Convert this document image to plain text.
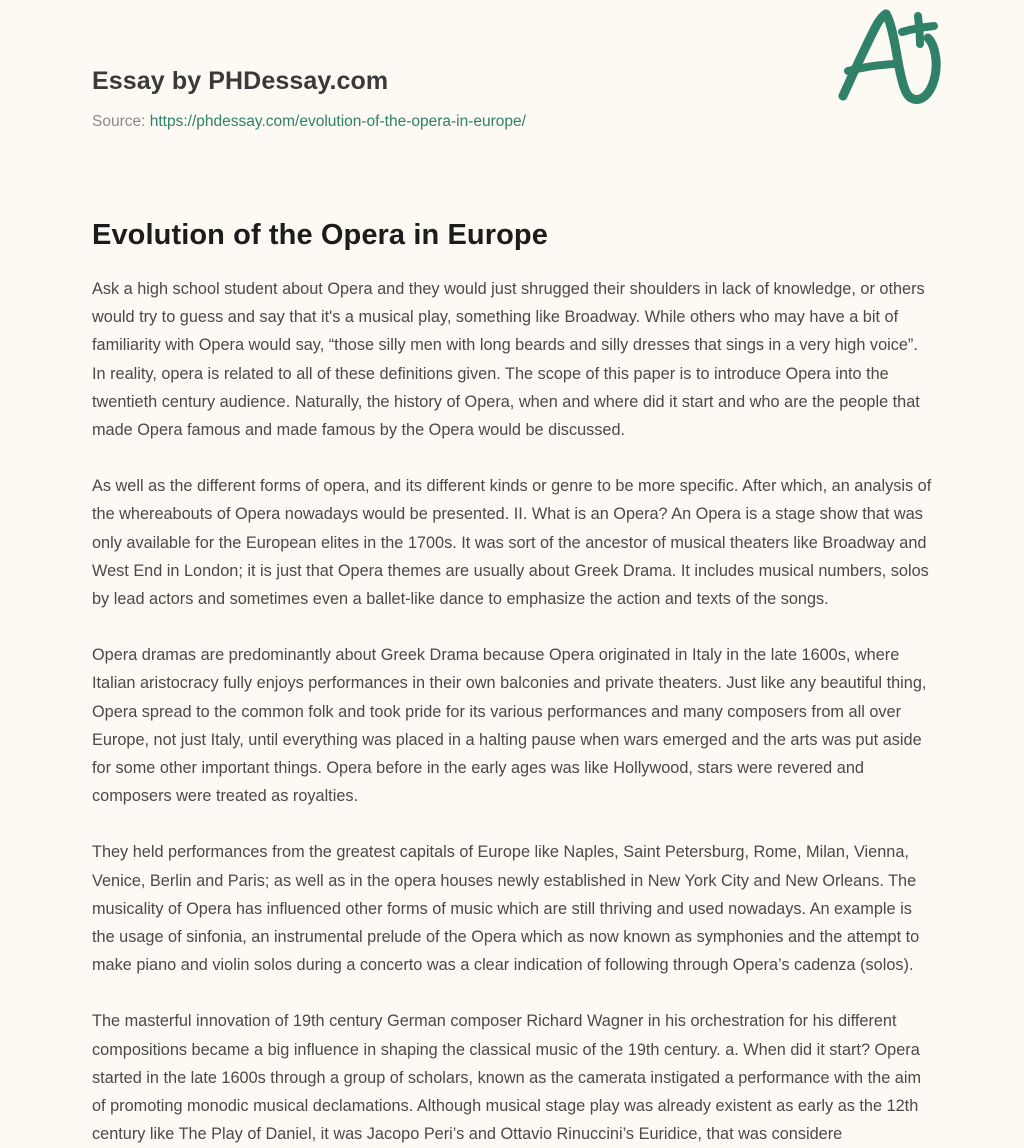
Essay by PHDessay.com
Source: https://phdessay.com/evolution-of-the-opera-in-europe/
Evolution of the Opera in Europe

Ask a high school student about Opera and they would just shrugged their shoulders in lack of knowledge, or others would try to guess and say that it's a musical play, something like Broadway. While others who may have a bit of familiarity with Opera would say, “those silly men with long beards and silly dresses that sings in a very high voice”. In reality, opera is related to all of these definitions given. The scope of this paper is to introduce Opera into the twentieth century audience. Naturally, the history of Opera, when and where did it start and who are the people that made Opera famous and made famous by the Opera would be discussed.

As well as the different forms of opera, and its different kinds or genre to be more specific. After which, an analysis of the whereabouts of Opera nowadays would be presented. II. What is an Opera? An Opera is a stage show that was only available for the European elites in the 1700s. It was sort of the ancestor of musical theaters like Broadway and West End in London; it is just that Opera themes are usually about Greek Drama. It includes musical numbers, solos by lead actors and sometimes even a ballet-like dance to emphasize the action and texts of the songs.

Opera dramas are predominantly about Greek Drama because Opera originated in Italy in the late 1600s, where Italian aristocracy fully enjoys performances in their own balconies and private theaters. Just like any beautiful thing, Opera spread to the common folk and took pride for its various performances and many composers from all over Europe, not just Italy, until everything was placed in a halting pause when wars emerged and the arts was put aside for some other important things. Opera before in the early ages was like Hollywood, stars were revered and composers were treated as royalties.

They held performances from the greatest capitals of Europe like Naples, Saint Petersburg, Rome, Milan, Vienna, Venice, Berlin and Paris; as well as in the opera houses newly established in New York City and New Orleans. The musicality of Opera has influenced other forms of music which are still thriving and used nowadays. An example is the usage of sinfonia, an instrumental prelude of the Opera which as now known as symphonies and the attempt to make piano and violin solos during a concerto was a clear indication of following through Opera’s cadenza (solos).

The masterful innovation of 19th century German composer Richard Wagner in his orchestration for his different compositions became a big influence in shaping the classical music of the 19th century. a. When did it start? Opera started in the late 1600s through a group of scholars, known as the camerata instigated a performance with the aim of promoting monodic musical declamations. Although musical stage play was already existent as early as the 12th century like The Play of Daniel, it was Jacopo Peri’s and Ottavio Rinuccini’s Euridice, that was considere
